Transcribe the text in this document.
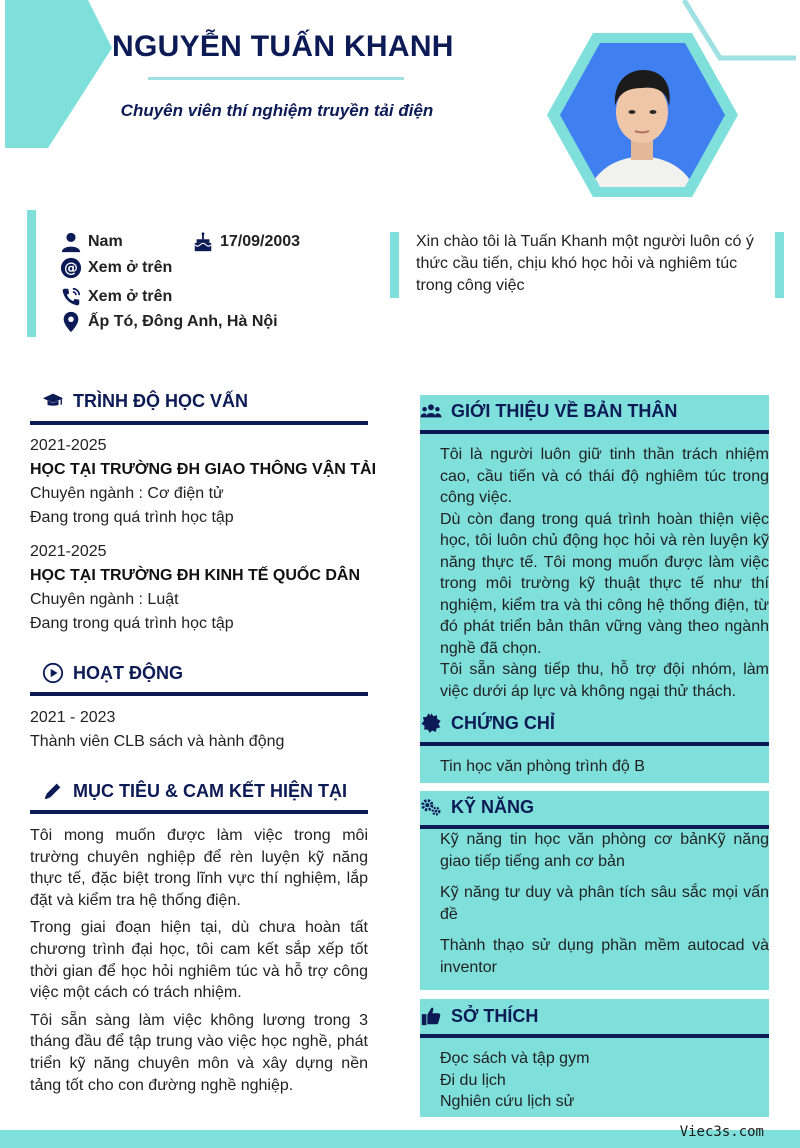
NGUYỄN TUẤN KHANH
Chuyên viên thí nghiệm truyền tải điện
Nam	17/09/2003
@ Xem ở trên
Xem ở trên
Ấp Tó, Đông Anh, Hà Nội
Xin chào tôi là Tuấn Khanh một người luôn có ý thức cầu tiến, chịu khó học hỏi và nghiêm túc trong công việc
TRÌNH ĐỘ HỌC VẤN
2021-2025
HỌC TẠI TRƯỜNG ĐH GIAO THÔNG VẬN TẢI
Chuyên ngành : Cơ điện tử
Đang trong quá trình học tập
2021-2025
HỌC TẠI TRƯỜNG ĐH KINH TẾ QUỐC DÂN
Chuyên ngành : Luật
Đang trong quá trình học tập
HOẠT ĐỘNG
2021 - 2023
Thành viên CLB sách và hành động
MỤC TIÊU & CAM KẾT HIỆN TẠI

Tôi mong muốn được làm việc trong môi trường chuyên nghiệp để rèn luyện kỹ năng thực tế, đặc biệt trong lĩnh vực thí nghiệm, lắp đặt và kiểm tra hệ thống điện.

Trong giai đoạn hiện tại, dù chưa hoàn tất chương trình đại học, tôi cam kết sắp xếp tốt thời gian để học hỏi nghiêm túc và hỗ trợ công việc một cách có trách nhiệm.

Tôi sẵn sàng làm việc không lương trong 3 tháng đầu để tập trung vào việc học nghề, phát triển kỹ năng chuyên môn và xây dựng nền tảng tốt cho con đường nghề nghiệp.

GIỚI THIỆU VỀ BẢN THÂN

Tôi là người luôn giữ tinh thần trách nhiệm cao, cầu tiến và có thái độ nghiêm túc trong công việc.

Dù còn đang trong quá trình hoàn thiện việc học, tôi luôn chủ động học hỏi và rèn luyện kỹ năng thực tế. Tôi mong muốn được làm việc trong môi trường kỹ thuật thực tế như thí nghiệm, kiểm tra và thi công hệ thống điện, từ đó phát triển bản thân vững vàng theo ngành nghề đã chọn.

Tôi sẵn sàng tiếp thu, hỗ trợ đội nhóm, làm việc dưới áp lực và không ngại thử thách.

CHỨNG CHỈ
Tin học văn phòng trình độ B
KỸ NĂNG

Kỹ năng tin học văn phòng cơ bảnKỹ năng giao tiếp tiếng anh cơ bản

Kỹ năng tư duy và phân tích sâu sắc mọi vấn đề

Thành thạo sử dụng phần mềm autocad và inventor

SỞ THÍCH
Đọc sách và tập gym
Đi du lịch
Nghiên cứu lịch sử
Viec3s.com
